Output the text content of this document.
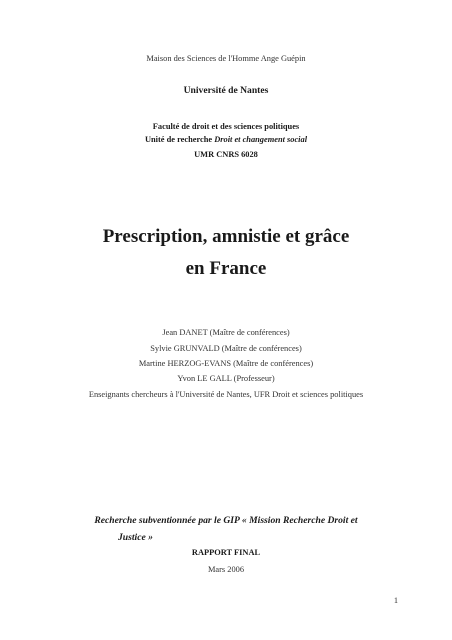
Maison des Sciences de l'Homme Ange Guépin
Université de Nantes
Faculté de droit et des sciences politiques
Unité de recherche Droit et changement social
UMR CNRS 6028
Prescription, amnistie et grâce
en France
Jean DANET (Maître de conférences)
Sylvie GRUNVALD (Maître de conférences)
Martine HERZOG-EVANS (Maître de conférences)
Yvon LE GALL (Professeur)
Enseignants chercheurs à l'Université de Nantes, UFR Droit et sciences politiques
Recherche subventionnée par le GIP « Mission Recherche Droit et
Justice »
RAPPORT FINAL
Mars 2006
1
